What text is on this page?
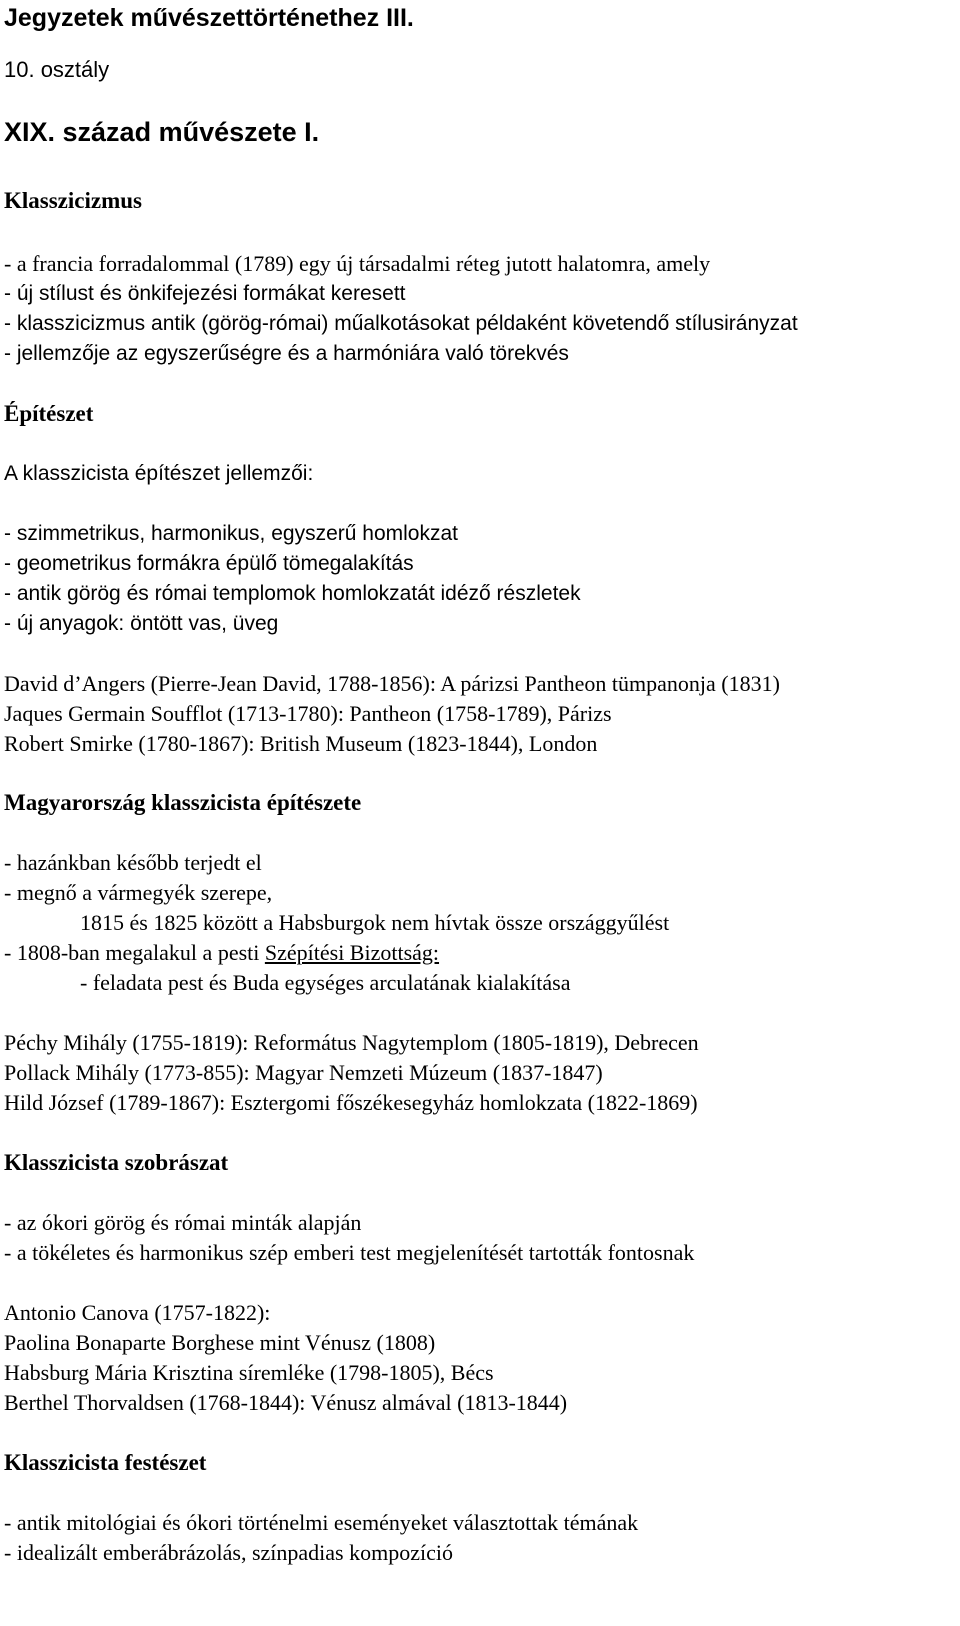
Jegyzetek művészettörténethez III.
10. osztály
XIX. század művészete I.
Klasszicizmus
- a francia forradalommal (1789) egy új társadalmi réteg jutott halatomra, amely
- új stílust és önkifejezési formákat keresett
- klasszicizmus antik (görög-római) műalkotásokat példaként követendő stílusirányzat
- jellemzője az egyszerűségre és a harmóniára való törekvés
Építészet
A klasszicista építészet jellemzői:
- szimmetrikus, harmonikus, egyszerű homlokzat
- geometrikus formákra épülő tömegalakítás
- antik görög és római templomok homlokzatát idéző részletek
- új anyagok: öntött vas, üveg
David d’Angers (Pierre-Jean David, 1788-1856): A párizsi Pantheon tümpanonja (1831)
Jaques Germain Soufflot (1713-1780): Pantheon (1758-1789), Párizs
Robert Smirke (1780-1867): British Museum (1823-1844), London
Magyarország klasszicista építészete
- hazánkban később terjedt el
- megnő a vármegyék szerepe,
1815 és 1825 között a Habsburgok nem hívtak össze országgyűlést
- 1808-ban megalakul a pesti Szépítési Bizottság:
- feladata pest és Buda egységes arculatának kialakítása
Péchy Mihály (1755-1819): Református Nagytemplom (1805-1819), Debrecen
Pollack Mihály (1773-855): Magyar Nemzeti Múzeum (1837-1847)
Hild József (1789-1867): Esztergomi főszékesegyház homlokzata (1822-1869)
Klasszicista szobrászat
- az ókori görög és római minták alapján
- a tökéletes és harmonikus szép emberi test megjelenítését tartották fontosnak
Antonio Canova (1757-1822):
Paolina Bonaparte Borghese mint Vénusz (1808)
Habsburg Mária Krisztina síremléke (1798-1805), Bécs
Berthel Thorvaldsen (1768-1844): Vénusz almával (1813-1844)
Klasszicista festészet
- antik mitológiai és ókori történelmi eseményeket választottak témának
- idealizált emberábrázolás, színpadias kompozíció
